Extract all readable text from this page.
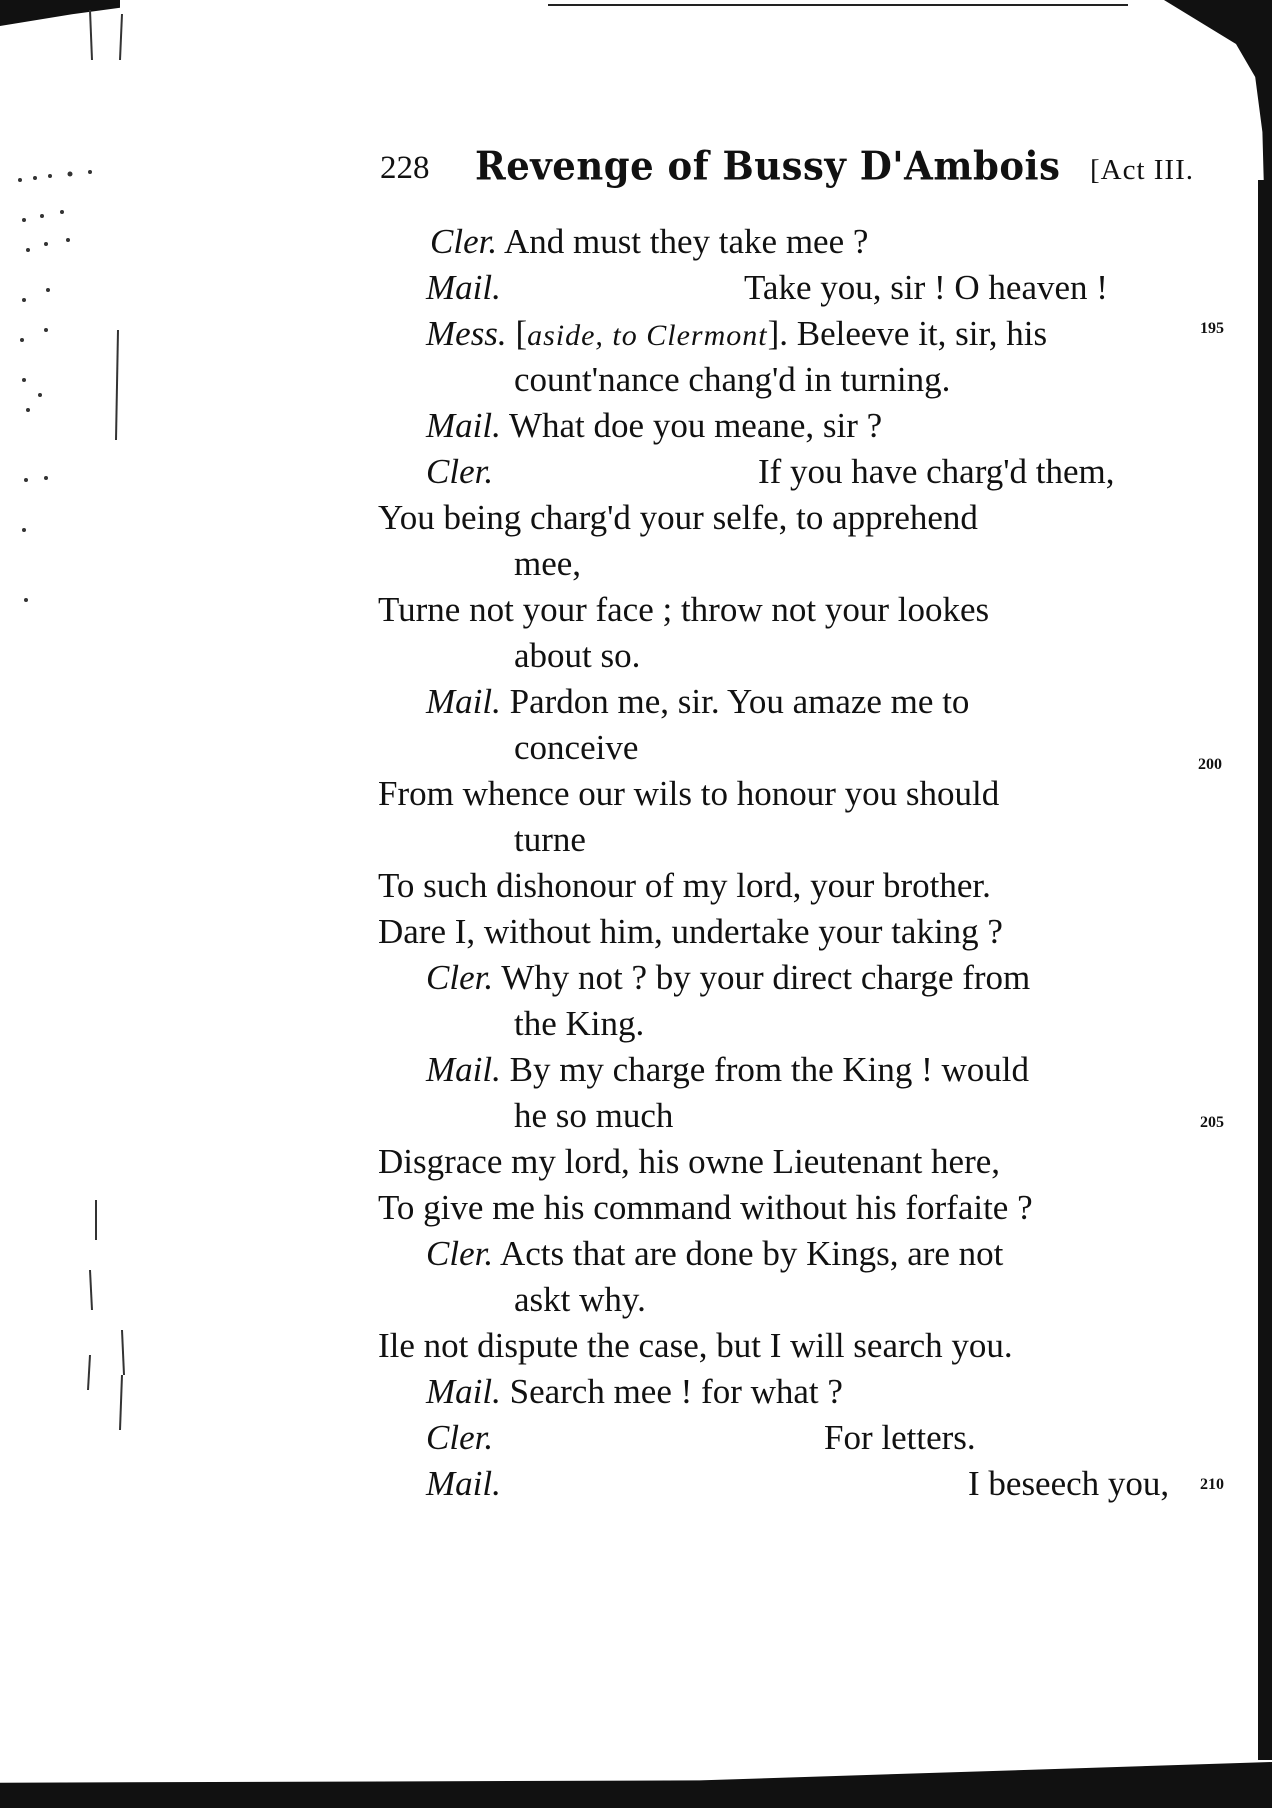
228 Revenge of Bussy D'Ambois [Act III.
Cler. And must they take mee ?
Mail.	Take you, sir ! O heaven !
195
Mess. [aside, to Clermont]. Beleeve it, sir, his
count'nance chang'd in turning.
Mail. What doe you meane, sir ?
Cler.	If you have charg'd them,
You being charg'd your selfe, to apprehend
mee,
Turne not your face ; throw not your lookes
about so.
Mail. Pardon me, sir. You amaze me to
conceive	200
From whence our wils to honour you should
turne
To such dishonour of my lord, your brother.
Dare I, without him, undertake your taking ?
Cler. Why not ? by your direct charge from
the King.
Mail. By my charge from the King ! would
he so much	205
Disgrace my lord, his owne Lieutenant here,
To give me his command without his forfaite ?
Cler. Acts that are done by Kings, are not
askt why.
Ile not dispute the case, but I will search you.
Mail. Search mee ! for what ?
Cler.	For letters.
Mail.	I beseech you, 210
